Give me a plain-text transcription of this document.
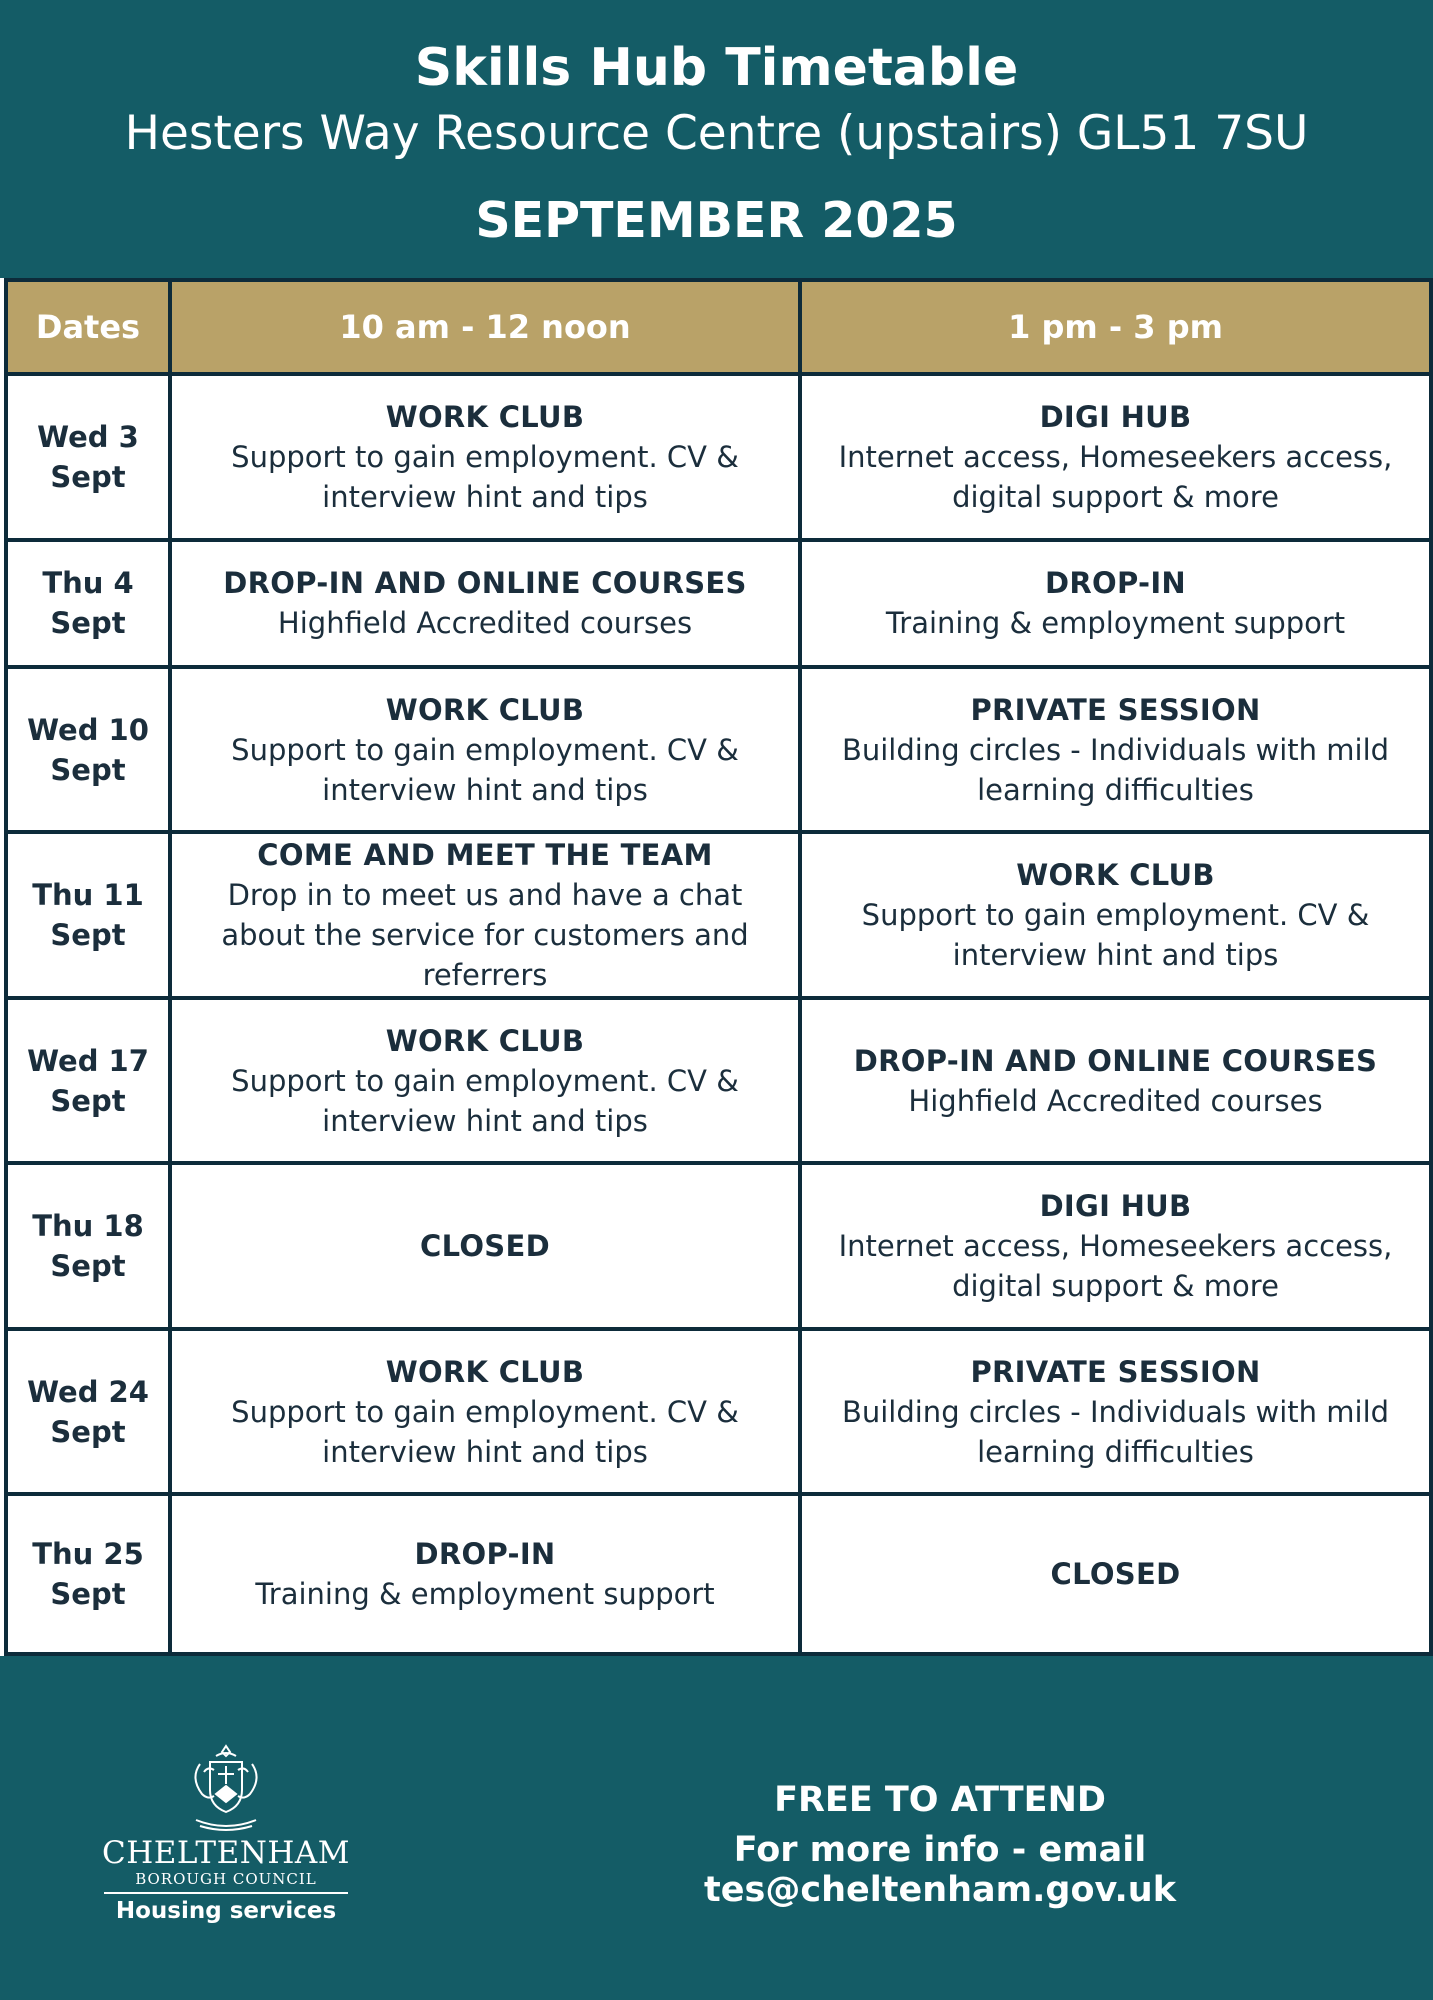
Skills Hub Timetable
Hesters Way Resource Centre (upstairs) GL51 7SU
SEPTEMBER 2025
Dates	10 am - 12 noon	1 pm - 3 pm

Wed 3
Sept	WORK CLUB
Support to gain employment. CV & interview hint and tips	DIGI HUB
Internet access, Homeseekers access, digital support & more

Thu 4
Sept	DROP-IN AND ONLINE COURSES
Highfield Accredited courses	DROP-IN
Training & employment support

Wed 10
Sept	WORK CLUB
Support to gain employment. CV & interview hint and tips	PRIVATE SESSION
Building circles - Individuals with mild learning difficulties

Thu 11
Sept	COME AND MEET THE TEAM
Drop in to meet us and have a chat about the service for customers and referrers	WORK CLUB
Support to gain employment. CV & interview hint and tips

Wed 17
Sept	WORK CLUB
Support to gain employment. CV & interview hint and tips	DROP-IN AND ONLINE COURSES
Highfield Accredited courses

Thu 18
Sept	CLOSED	DIGI HUB
Internet access, Homeseekers access, digital support & more

Wed 24
Sept	WORK CLUB
Support to gain employment. CV & interview hint and tips	PRIVATE SESSION
Building circles - Individuals with mild learning difficulties

Thu 25
Sept	DROP-IN
Training & employment support	CLOSED
CHELTENHAM
BOROUGH COUNCIL
Housing services
FREE TO ATTEND
For more info - email tes@cheltenham.gov.uk
